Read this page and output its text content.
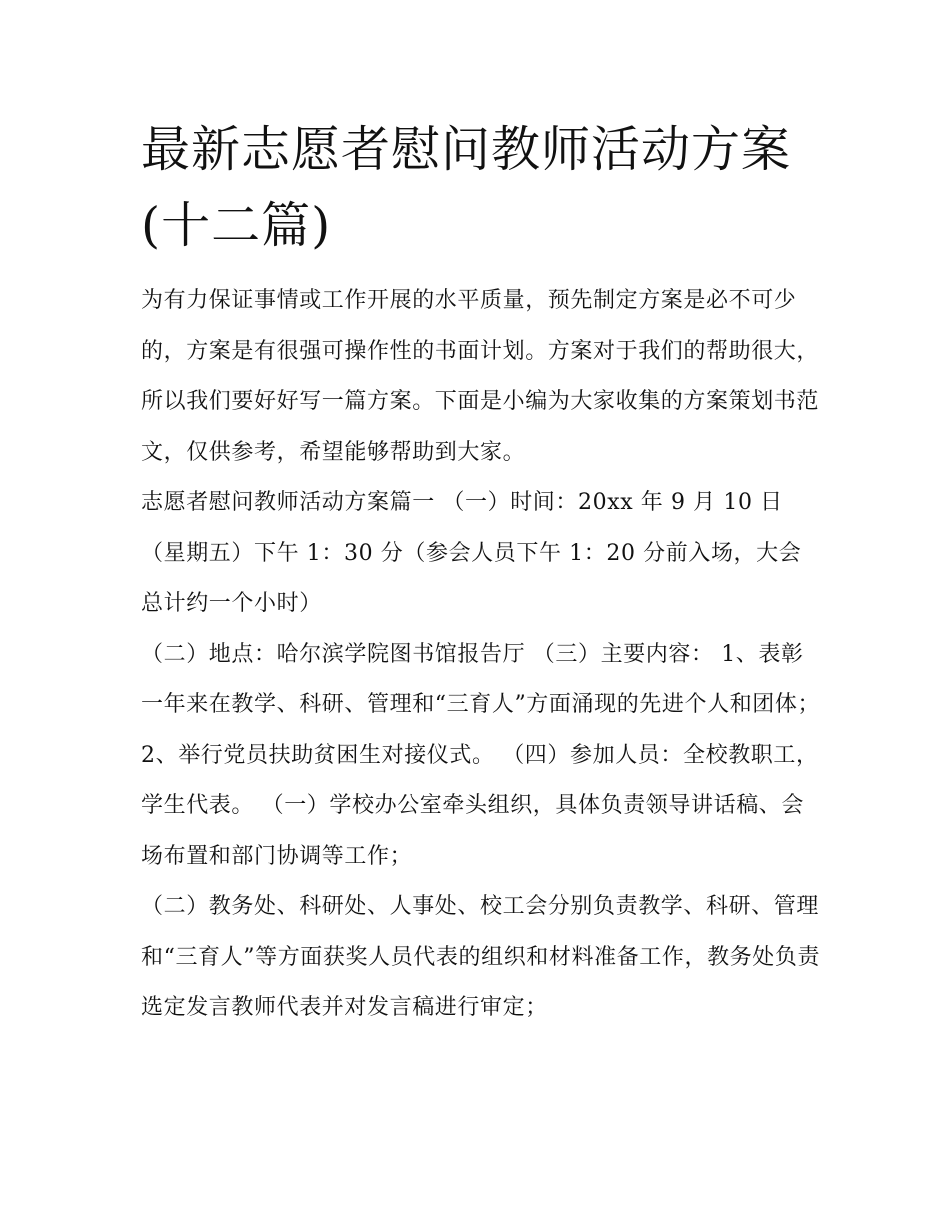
最新志愿者慰问教师活动方案
(十二篇)

为有力保证事情或工作开展的水平质量，预先制定方案是必不可少的，方案是有很强可操作性的书面计划。方案对于我们的帮助很大，所以我们要好好写一篇方案。下面是小编为大家收集的方案策划书范文，仅供参考，希望能够帮助到大家。

志愿者慰问教师活动方案篇一 （一）时间：20xx 年 9 月 10 日（星期五）下午 1：30 分（参会人员下午 1：20 分前入场，大会总计约一个小时）

（二）地点：哈尔滨学院图书馆报告厅 （三）主要内容： 1、表彰一年来在教学、科研、管理和“三育人”方面涌现的先进个人和团体；

2、举行党员扶助贫困生对接仪式。 （四）参加人员：全校教职工，学生代表。 （一）学校办公室牵头组织，具体负责领导讲话稿、会场布置和部门协调等工作；

（二）教务处、科研处、人事处、校工会分别负责教学、科研、管理和“三育人”等方面获奖人员代表的组织和材料准备工作，教务处负责选定发言教师代表并对发言稿进行审定；
